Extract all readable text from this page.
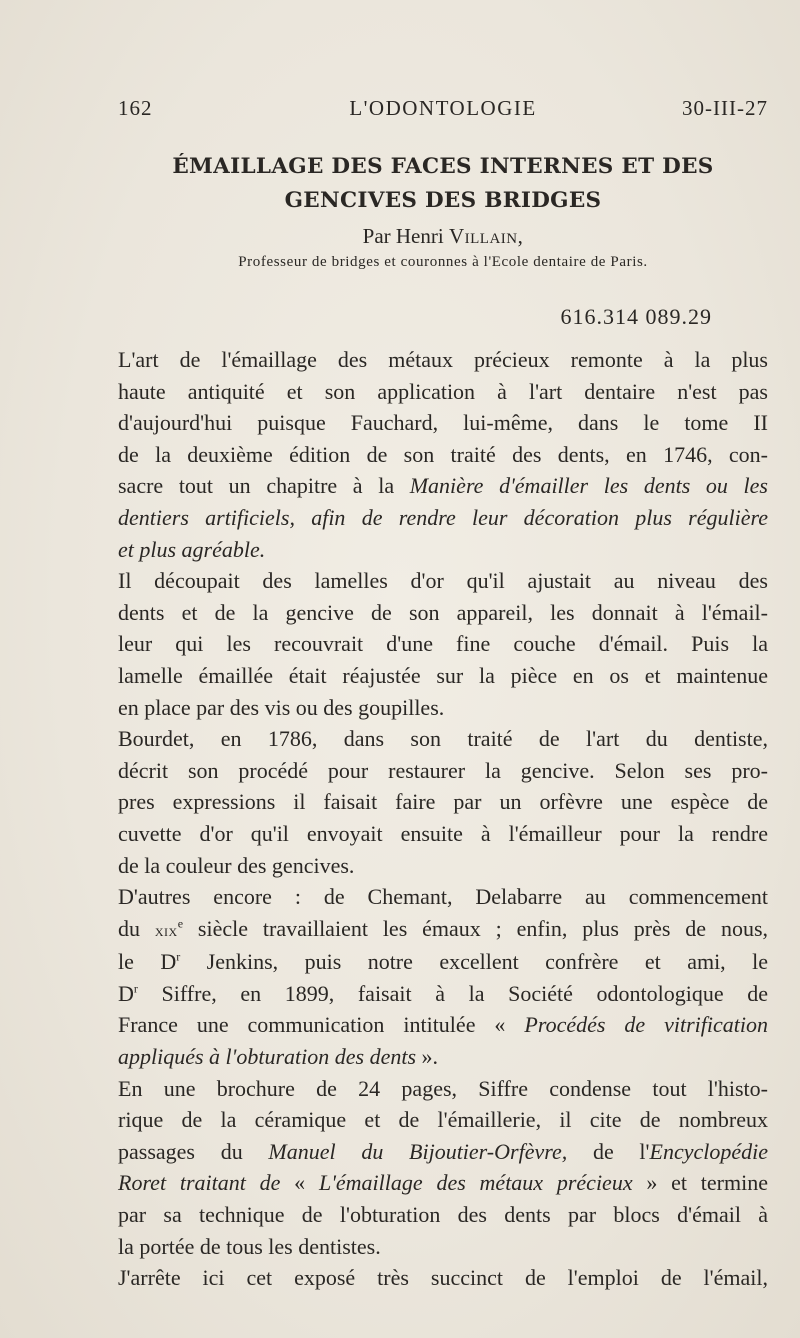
162	L'ODONTOLOGIE	30-III-27
ÉMAILLAGE DES FACES INTERNES ET DES
GENCIVES DES BRIDGES
Par Henri Villain,
Professeur de bridges et couronnes à l'Ecole dentaire de Paris.
616.314 089.29

L'art de l'émaillage des métaux précieux remonte à la plus
haute antiquité et son application à l'art dentaire n'est pas
d'aujourd'hui puisque Fauchard, lui-même, dans le tome II
de la deuxième édition de son traité des dents, en 1746, con-
sacre tout un chapitre à la Manière d'émailler les dents ou les
dentiers artificiels, afin de rendre leur décoration plus régulière
et plus agréable.

Il découpait des lamelles d'or qu'il ajustait au niveau des
dents et de la gencive de son appareil, les donnait à l'émail-
leur qui les recouvrait d'une fine couche d'émail. Puis la
lamelle émaillée était réajustée sur la pièce en os et maintenue
en place par des vis ou des goupilles.

Bourdet, en 1786, dans son traité de l'art du dentiste,
décrit son procédé pour restaurer la gencive. Selon ses pro-
pres expressions il faisait faire par un orfèvre une espèce de
cuvette d'or qu'il envoyait ensuite à l'émailleur pour la rendre
de la couleur des gencives.

D'autres encore : de Chemant, Delabarre au commencement
du xix$^e$ siècle travaillaient les émaux ; enfin, plus près de nous,
le $D^r$ Jenkins, puis notre excellent confrère et ami, le
$D^r$ Siffre, en 1899, faisait à la Société odontologique de
France une communication intitulée « Procédés de vitrification
appliqués à l'obturation des dents ».

En une brochure de 24 pages, Siffre condense tout l'histo-
rique de la céramique et de l'émaillerie, il cite de nombreux
passages du Manuel du Bijoutier-Orfèvre, de l'Encyclopédie
Roret traitant de « L'émaillage des métaux précieux » et termine
par sa technique de l'obturation des dents par blocs d'émail à
la portée de tous les dentistes.

J'arrête ici cet exposé très succinct de l'emploi de l'émail,
